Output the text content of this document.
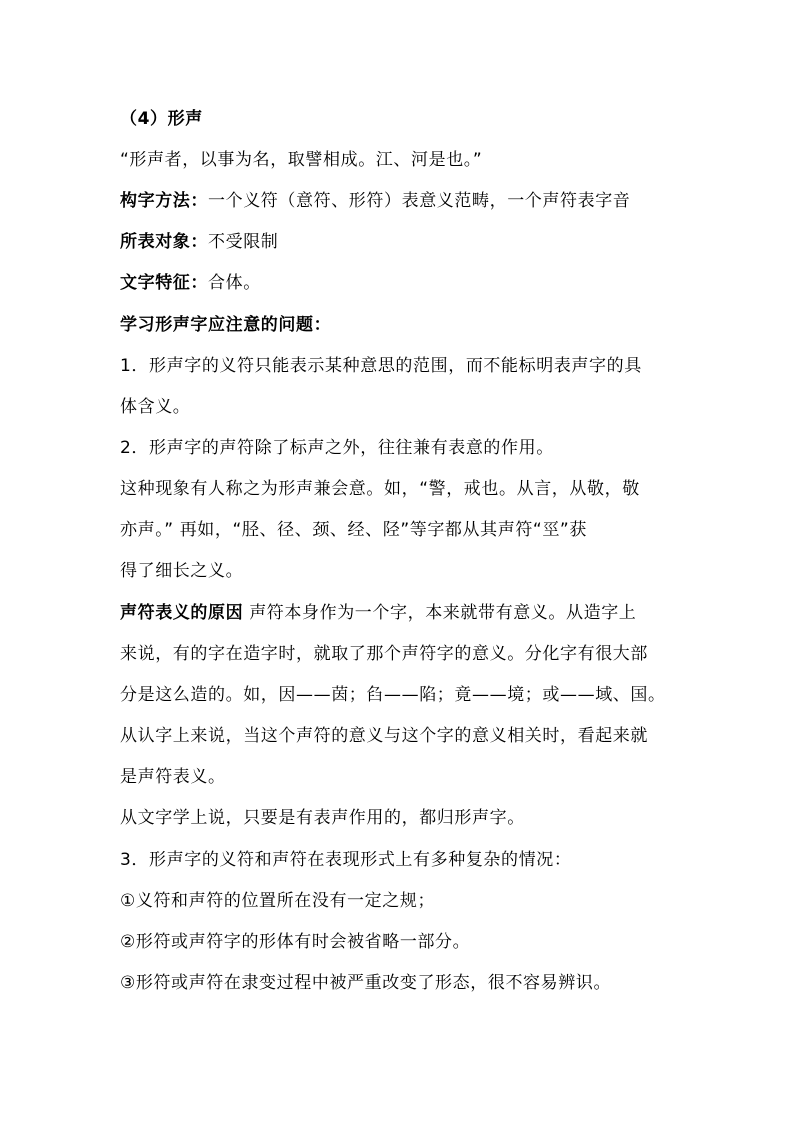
（4）形声
“形声者，以事为名，取譬相成。江、河是也。”
构字方法：一个义符（意符、形符）表意义范畴，一个声符表字音
所表对象：不受限制
文字特征：合体。
学习形声字应注意的问题：
1．形声字的义符只能表示某种意思的范围，而不能标明表声字的具
体含义。
2．形声字的声符除了标声之外，往往兼有表意的作用。
这种现象有人称之为形声兼会意。如，“警，戒也。从言，从敬，敬
亦声。” 再如，“胫、径、颈、经、陉”等字都从其声符“巠”获
得了细长之义。
声符表义的原因 声符本身作为一个字，本来就带有意义。从造字上
来说，有的字在造字时，就取了那个声符字的意义。分化字有很大部
分是这么造的。如，因——茵；臽——陷；竟——境；或——域、国。
从认字上来说，当这个声符的意义与这个字的意义相关时，看起来就
是声符表义。
从文字学上说，只要是有表声作用的，都归形声字。
3．形声字的义符和声符在表现形式上有多种复杂的情况：
①义符和声符的位置所在没有一定之规；
②形符或声符字的形体有时会被省略一部分。
③形符或声符在隶变过程中被严重改变了形态，很不容易辨识。
